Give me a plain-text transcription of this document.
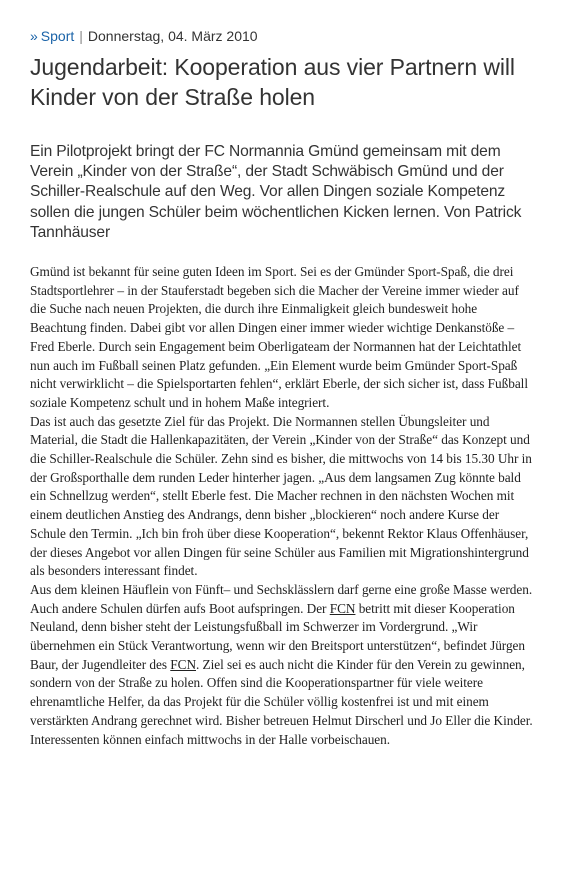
» Sport | Donnerstag, 04. März 2010
Jugendarbeit: Kooperation aus vier Partnern will Kinder von der Straße holen

Ein Pilotprojekt bringt der FC Normannia Gmünd gemeinsam mit dem Verein „Kinder von der Straße“, der Stadt Schwäbisch Gmünd und der Schiller-Realschule auf den Weg. Vor allen Dingen soziale Kompetenz sollen die jungen Schüler beim wöchentlichen Kicken lernen. Von Patrick Tannhäuser

Gmünd ist bekannt für seine guten Ideen im Sport. Sei es der Gmünder Sport-Spaß, die drei Stadtsportlehrer – in der Stauferstadt begeben sich die Macher der Vereine immer wieder auf die Suche nach neuen Projekten, die durch ihre Einmaligkeit gleich bundesweit hohe Beachtung finden. Dabei gibt vor allen Dingen einer immer wieder wichtige Denkanstöße – Fred Eberle. Durch sein Engagement beim Oberligateam der Normannen hat der Leichtathlet nun auch im Fußball seinen Platz gefunden. „Ein Element wurde beim Gmünder Sport-Spaß nicht verwirklicht – die Spielsportarten fehlen“, erklärt Eberle, der sich sicher ist, dass Fußball soziale Kompetenz schult und in hohem Maße integriert.

Das ist auch das gesetzte Ziel für das Projekt. Die Normannen stellen Übungsleiter und Material, die Stadt die Hallenkapazitäten, der Verein „Kinder von der Straße“ das Konzept und die Schiller-Realschule die Schüler. Zehn sind es bisher, die mittwochs von 14 bis 15.30 Uhr in der Großsporthalle dem runden Leder hinterher jagen. „Aus dem langsamen Zug könnte bald ein Schnellzug werden“, stellt Eberle fest. Die Macher rechnen in den nächsten Wochen mit einem deutlichen Anstieg des Andrangs, denn bisher „blockieren“ noch andere Kurse der Schule den Termin. „Ich bin froh über diese Kooperation“, bekennt Rektor Klaus Offenhäuser, der dieses Angebot vor allen Dingen für seine Schüler aus Familien mit Migrationshintergrund als besonders interessant findet.

Aus dem kleinen Häuflein von Fünft– und Sechsklässlern darf gerne eine große Masse werden. Auch andere Schulen dürfen aufs Boot aufspringen. Der FCN betritt mit dieser Kooperation Neuland, denn bisher steht der Leistungsfußball im Schwerzer im Vordergrund. „Wir übernehmen ein Stück Verantwortung, wenn wir den Breitsport unterstützen“, befindet Jürgen Baur, der Jugendleiter des FCN. Ziel sei es auch nicht die Kinder für den Verein zu gewinnen, sondern von der Straße zu holen. Offen sind die Kooperationspartner für viele weitere ehrenamtliche Helfer, da das Projekt für die Schüler völlig kostenfrei ist und mit einem verstärkten Andrang gerechnet wird. Bisher betreuen Helmut Dirscherl und Jo Eller die Kinder. Interessenten können einfach mittwochs in der Halle vorbeischauen.
